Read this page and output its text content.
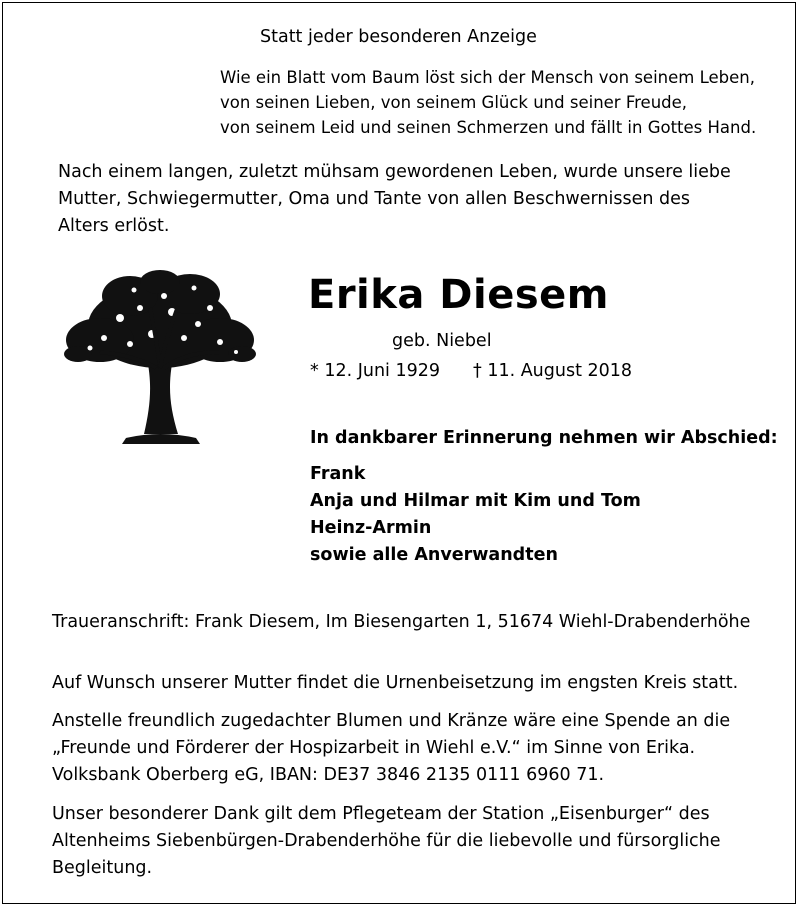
Statt jeder besonderen Anzeige
Wie ein Blatt vom Baum löst sich der Mensch von seinem Leben,
von seinen Lieben, von seinem Glück und seiner Freude,
von seinem Leid und seinen Schmerzen und fällt in Gottes Hand.
Nach einem langen, zuletzt mühsam gewordenen Leben, wurde unsere liebe
Mutter, Schwiegermutter, Oma und Tante von allen Beschwernissen des
Alters erlöst.
Erika Diesem
geb. Niebel
* 12. Juni 1929 † 11. August 2018
In dankbarer Erinnerung nehmen wir Abschied:
Frank
Anja und Hilmar mit Kim und Tom
Heinz-Armin
sowie alle Anverwandten
Traueranschrift: Frank Diesem, Im Biesengarten 1, 51674 Wiehl-Drabenderhöhe
Auf Wunsch unserer Mutter findet die Urnenbeisetzung im engsten Kreis statt.
Anstelle freundlich zugedachter Blumen und Kränze wäre eine Spende an die
„Freunde und Förderer der Hospizarbeit in Wiehl e.V.“ im Sinne von Erika.
Volksbank Oberberg eG, IBAN: DE37 3846 2135 0111 6960 71.
Unser besonderer Dank gilt dem Pflegeteam der Station „Eisenburger“ des
Altenheims Siebenbürgen-Drabenderhöhe für die liebevolle und fürsorgliche
Begleitung.
